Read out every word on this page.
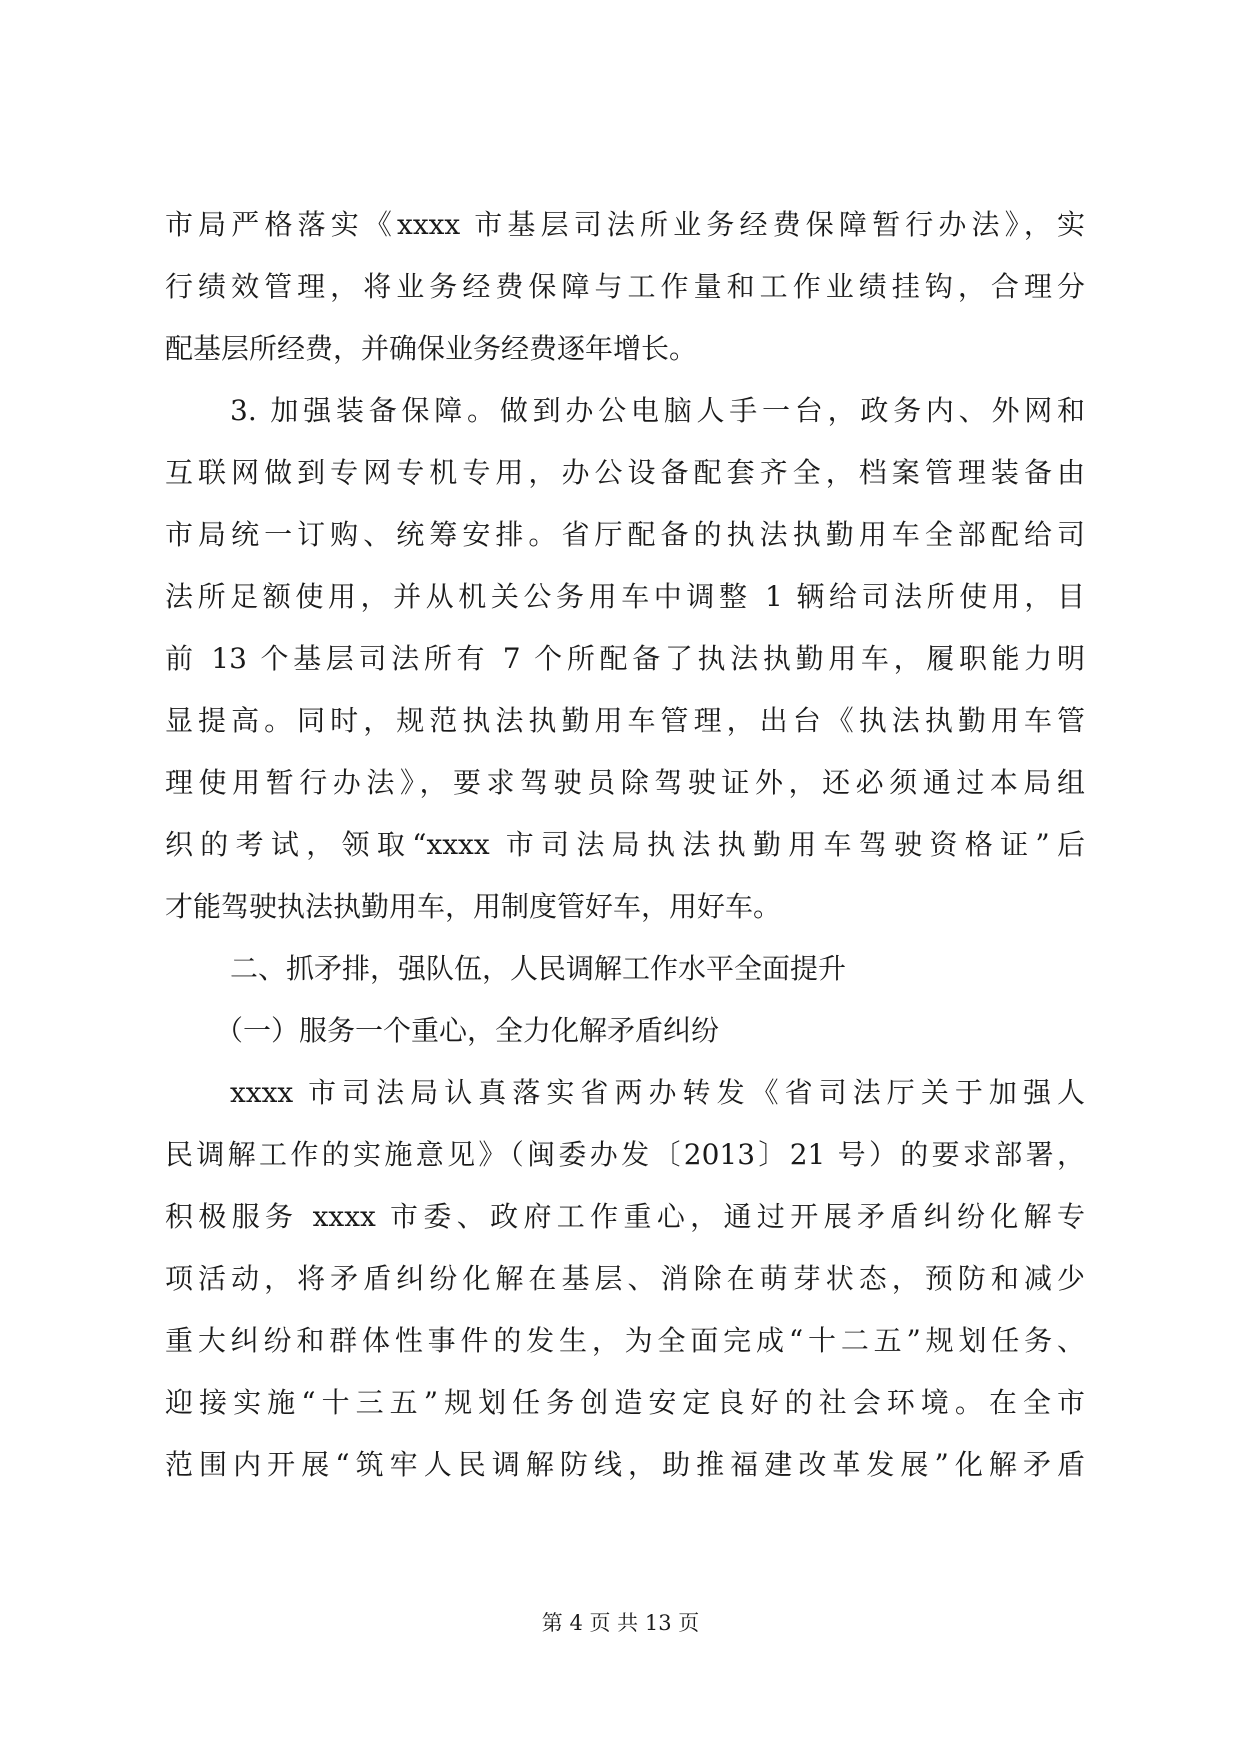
市局严格落实《xxxx 市基层司法所业务经费保障暂行办法》，实
行绩效管理，将业务经费保障与工作量和工作业绩挂钩，合理分
配基层所经费，并确保业务经费逐年增长。
3. 加强装备保障。做到办公电脑人手一台，政务内、外网和
互联网做到专网专机专用，办公设备配套齐全，档案管理装备由
市局统一订购、统筹安排。省厅配备的执法执勤用车全部配给司
法所足额使用，并从机关公务用车中调整 1 辆给司法所使用，目
前 13 个基层司法所有 7 个所配备了执法执勤用车，履职能力明
显提高。同时，规范执法执勤用车管理，出台《执法执勤用车管
理使用暂行办法》，要求驾驶员除驾驶证外，还必须通过本局组
织的考试，领取“xxxx 市司法局执法执勤用车驾驶资格证”后
才能驾驶执法执勤用车，用制度管好车，用好车。
二、抓矛排，强队伍，人民调解工作水平全面提升
（一）服务一个重心，全力化解矛盾纠纷
xxxx 市司法局认真落实省两办转发《省司法厅关于加强人
民调解工作的实施意见》（闽委办发〔2013〕21 号）的要求部署，
积极服务 xxxx 市委、政府工作重心，通过开展矛盾纠纷化解专
项活动，将矛盾纠纷化解在基层、消除在萌芽状态，预防和减少
重大纠纷和群体性事件的发生，为全面完成“十二五”规划任务、
迎接实施“十三五”规划任务创造安定良好的社会环境。在全市
范围内开展“筑牢人民调解防线，助推福建改革发展”化解矛盾
第 4 页 共 13 页
